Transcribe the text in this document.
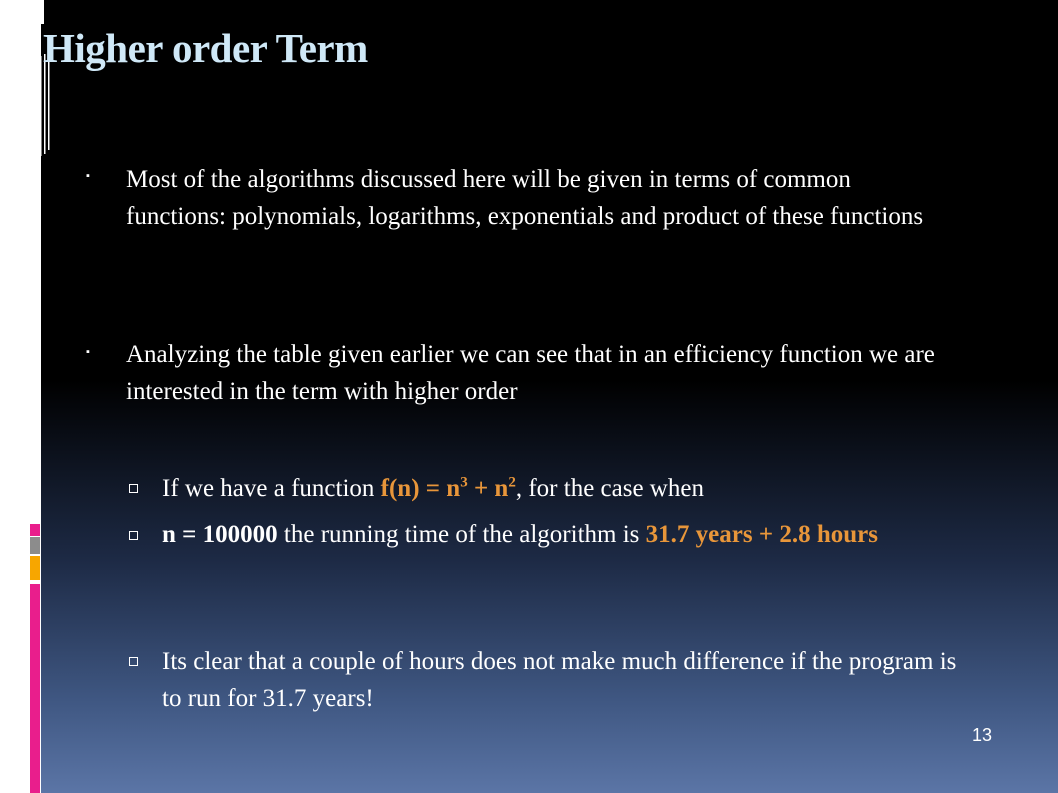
Higher order Term
▪ Most of the algorithms discussed here will be given in terms of common functions: polynomials, logarithms, exponentials and product of these functions
▪ Analyzing the table given earlier we can see that in an efficiency function we are interested in the term with higher order
If we have a function $f(n) = n^3 + n^2$, for the case when
n = 100000 the running time of the algorithm is 31.7 years + 2.8 hours
Its clear that a couple of hours does not make much difference if the program is to run for 31.7 years!
13
